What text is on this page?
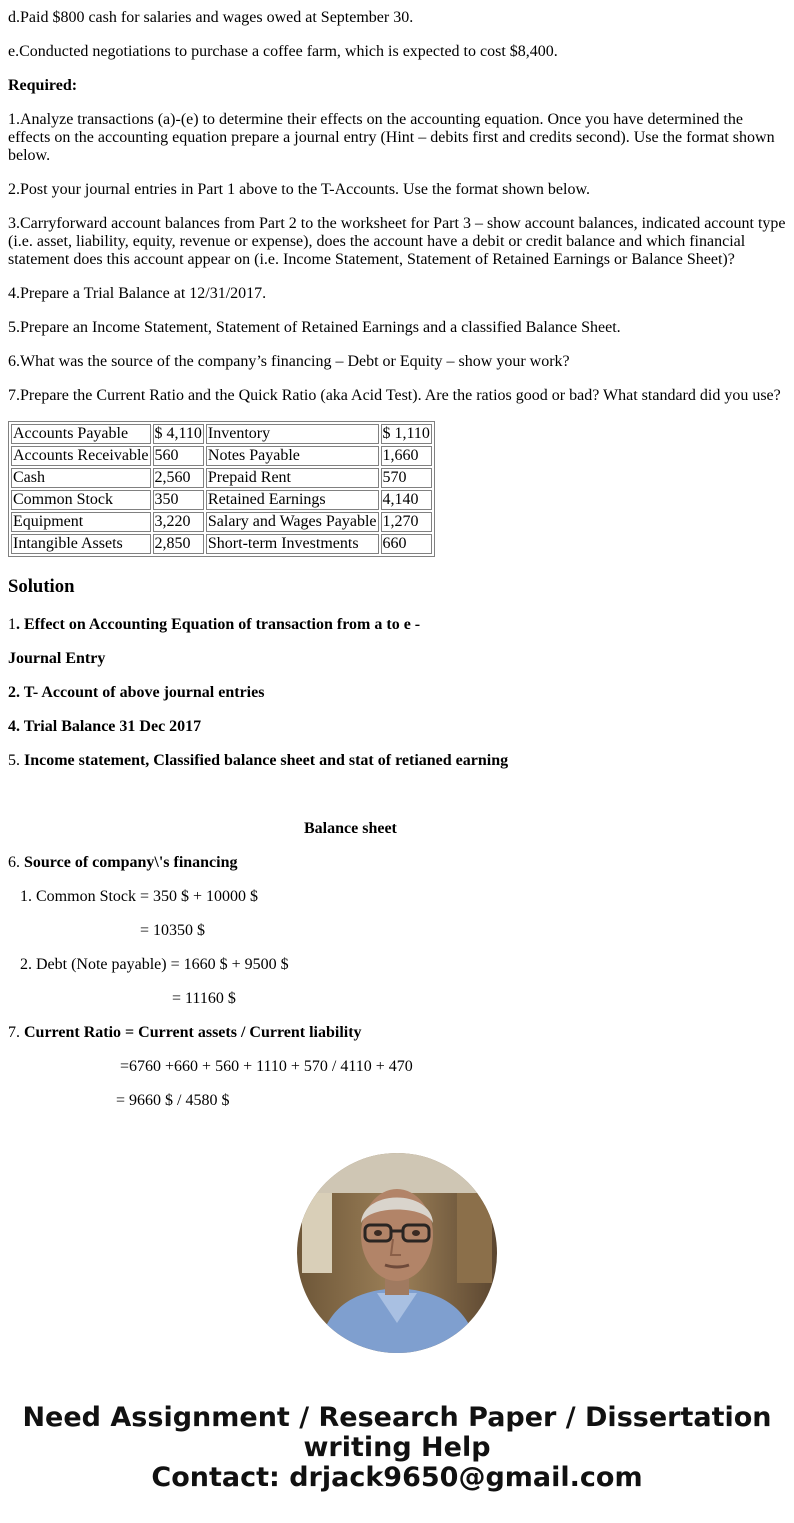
d.Paid $800 cash for salaries and wages owed at September 30.

e.Conducted negotiations to purchase a coffee farm, which is expected to cost $8,400.

Required:

1.Analyze transactions (a)-(e) to determine their effects on the accounting equation. Once you have determined the effects on the accounting equation prepare a journal entry (Hint – debits first and credits second). Use the format shown below.

2.Post your journal entries in Part 1 above to the T-Accounts. Use the format shown below.

3.Carryforward account balances from Part 2 to the worksheet for Part 3 – show account balances, indicated account type (i.e. asset, liability, equity, revenue or expense), does the account have a debit or credit balance and which financial statement does this account appear on (i.e. Income Statement, Statement of Retained Earnings or Balance Sheet)?

4.Prepare a Trial Balance at 12/31/2017.

5.Prepare an Income Statement, Statement of Retained Earnings and a classified Balance Sheet.

6.What was the source of the company’s financing – Debt or Equity – show your work?

7.Prepare the Current Ratio and the Quick Ratio (aka Acid Test). Are the ratios good or bad? What standard did you use?

Accounts Payable	$ 4,110	Inventory	$ 1,110
Accounts Receivable	560	Notes Payable	1,660
Cash	2,560	Prepaid Rent	570
Common Stock	350	Retained Earnings	4,140
Equipment	3,220	Salary and Wages Payable	1,270
Intangible Assets	2,850	Short-term Investments	660
Solution

1. Effect on Accounting Equation of transaction from a to e -

Journal Entry

2. T- Account of above journal entries

4. Trial Balance 31 Dec 2017

5. Income statement, Classified balance sheet and stat of retianed earning

Balance sheet

6. Source of company\'s financing

1. Common Stock = 350 $ + 10000 $

= 10350 $

2. Debt (Note payable) = 1660 $ + 9500 $

= 11160 $

7. Current Ratio = Current assets / Current liability

=6760 +660 + 560 + 1110 + 570 / 4110 + 470

= 9660 $ / 4580 $

Need Assignment / Research Paper / Dissertation
writing Help
Contact: drjack9650@gmail.com
